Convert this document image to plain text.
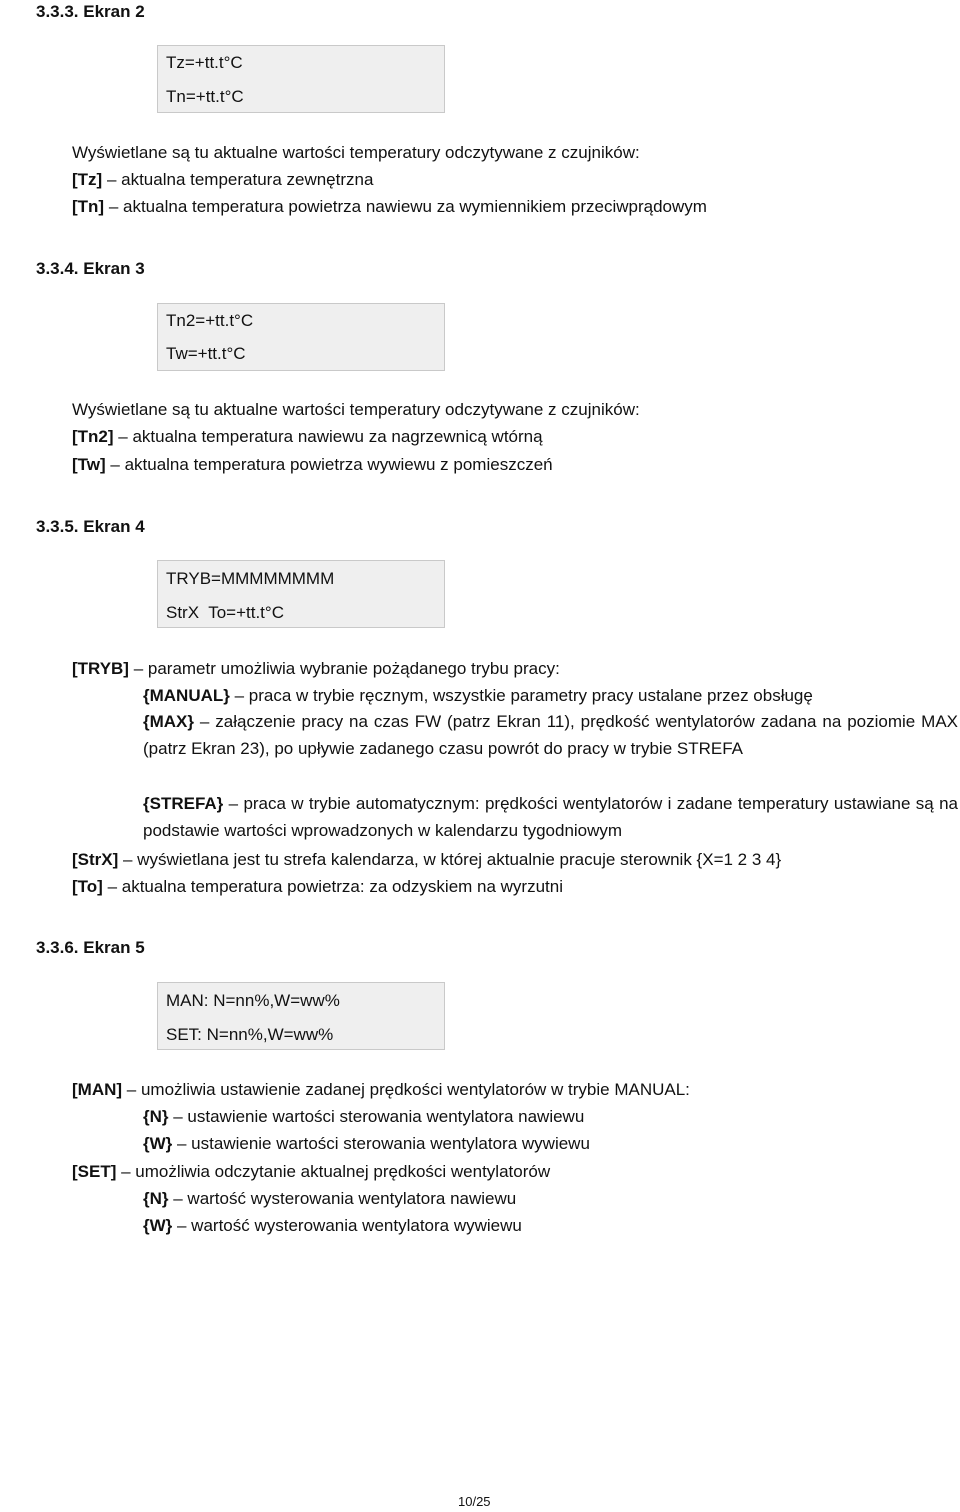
3.3.3. Ekran 2
Tz=+tt.t°C
Tn=+tt.t°C
Wyświetlane są tu aktualne wartości temperatury odczytywane z czujników:
[Tz] – aktualna temperatura zewnętrzna
[Tn] – aktualna temperatura powietrza nawiewu za wymiennikiem przeciwprądowym
3.3.4. Ekran 3
Tn2=+tt.t°C
Tw=+tt.t°C
Wyświetlane są tu aktualne wartości temperatury odczytywane z czujników:
[Tn2] – aktualna temperatura nawiewu za nagrzewnicą wtórną
[Tw] – aktualna temperatura powietrza wywiewu z pomieszczeń
3.3.5. Ekran 4
TRYB=MMMMMMMM
StrX  To=+tt.t°C
[TRYB] – parametr umożliwia wybranie pożądanego trybu pracy:
{MANUAL} – praca w trybie ręcznym, wszystkie parametry pracy ustalane przez obsługę
{MAX} – załączenie pracy na czas FW (patrz Ekran 11), prędkość wentylatorów zadana na poziomie MAX (patrz Ekran 23), po upływie zadanego czasu powrót do pracy w trybie STREFA
{STREFA} – praca w trybie automatycznym: prędkości wentylatorów i zadane temperatury ustawiane są na podstawie wartości wprowadzonych w kalendarzu tygodniowym
[StrX] – wyświetlana jest tu strefa kalendarza, w której aktualnie pracuje sterownik {X=1 2 3 4}
[To] – aktualna temperatura powietrza: za odzyskiem na wyrzutni
3.3.6. Ekran 5
MAN: N=nn%,W=ww%
SET: N=nn%,W=ww%
[MAN] – umożliwia ustawienie zadanej prędkości wentylatorów w trybie MANUAL:
{N} – ustawienie wartości sterowania wentylatora nawiewu
{W} – ustawienie wartości sterowania wentylatora wywiewu
[SET] – umożliwia odczytanie aktualnej prędkości wentylatorów
{N} – wartość wysterowania wentylatora nawiewu
{W} – wartość wysterowania wentylatora wywiewu
10/25
